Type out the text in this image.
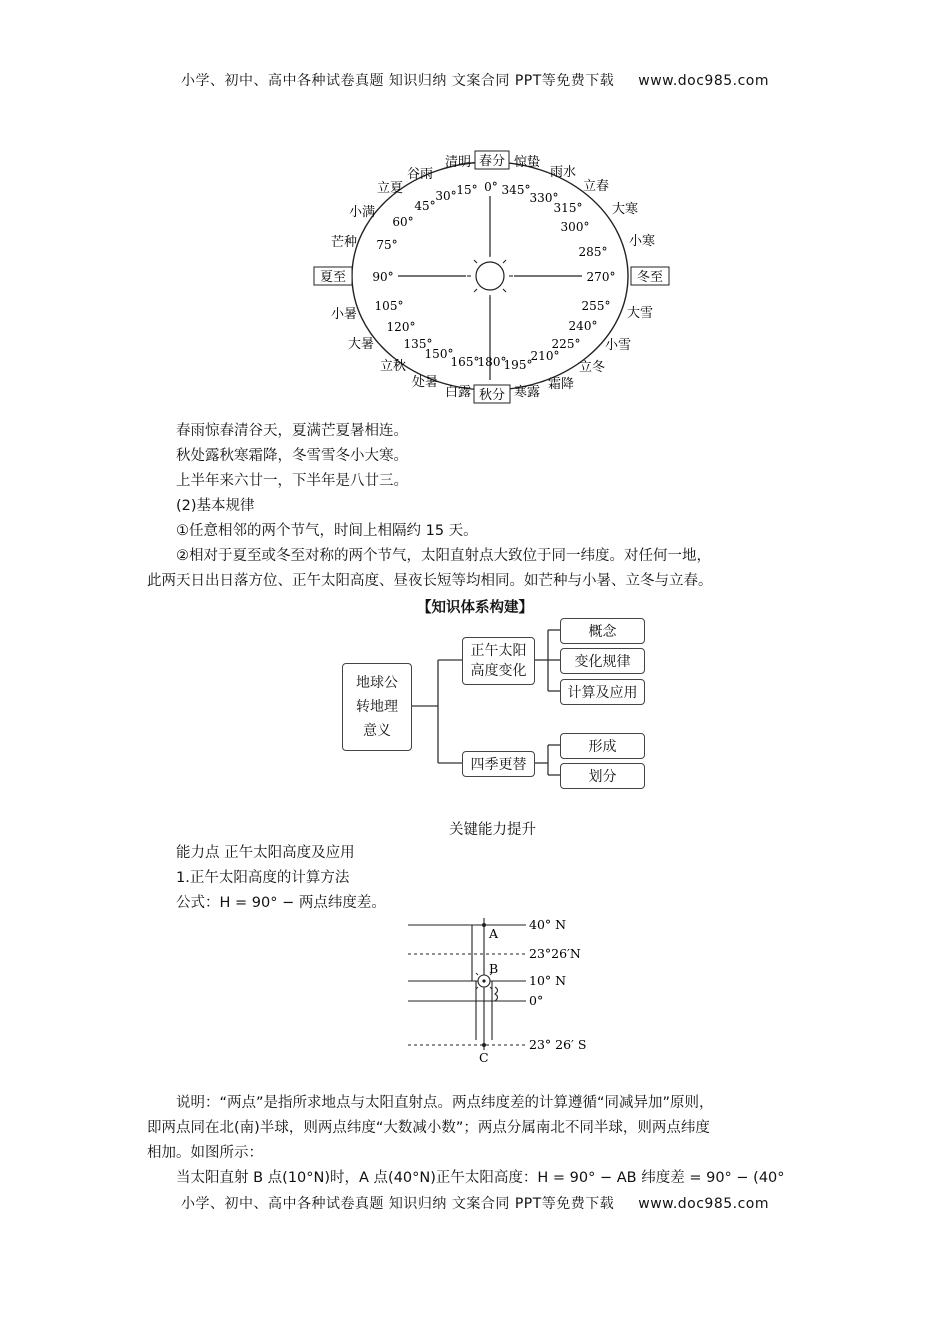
小学、初中、高中各种试卷真题 知识归纳 文案合同 PPT等免费下载 www.doc985.com
春分
夏至
秋分
冬至
清明	惊蛰
谷雨	雨水
立夏	立春
小满	大寒
芒种	小寒
小暑	大雪
大暑	小雪
立秋	立冬
处暑	霜降
白露	寒露
0°
15°
30°
45°
60°
75°
90°
105°
120°
135°
150°
165°
180°
195°
210°
225°
240°
255°
270°
285°
300°
315°
330°
345°
春雨惊春清谷天，夏满芒夏暑相连。
秋处露秋寒霜降，冬雪雪冬小大寒。
上半年来六廿一，下半年是八廿三。
(2)基本规律
①任意相邻的两个节气，时间上相隔约 15 天。
②相对于夏至或冬至对称的两个节气，太阳直射点大致位于同一纬度。对任何一地，
此两天日出日落方位、正午太阳高度、昼夜长短等均相同。如芒种与小暑、立冬与立春。
【知识体系构建】
地球公
转地理
意义
正午太阳
高度变化
概念
变化规律
计算及应用
四季更替
形成
划分
关键能力提升
能力点 正午太阳高度及应用
1.正午太阳高度的计算方法
公式：H = 90° − 两点纬度差。
40° N
23°26′N
10° N
0°
23° 26′ S
A
B
C
说明：“两点”是指所求地点与太阳直射点。两点纬度差的计算遵循“同减异加”原则，
即两点同在北(南)半球，则两点纬度“大数减小数”；两点分属南北不同半球，则两点纬度
相加。如图所示：
当太阳直射 B 点(10°N)时，A 点(40°N)正午太阳高度：H = 90° − AB 纬度差 = 90° − (40°
小学、初中、高中各种试卷真题 知识归纳 文案合同 PPT等免费下载 www.doc985.com
